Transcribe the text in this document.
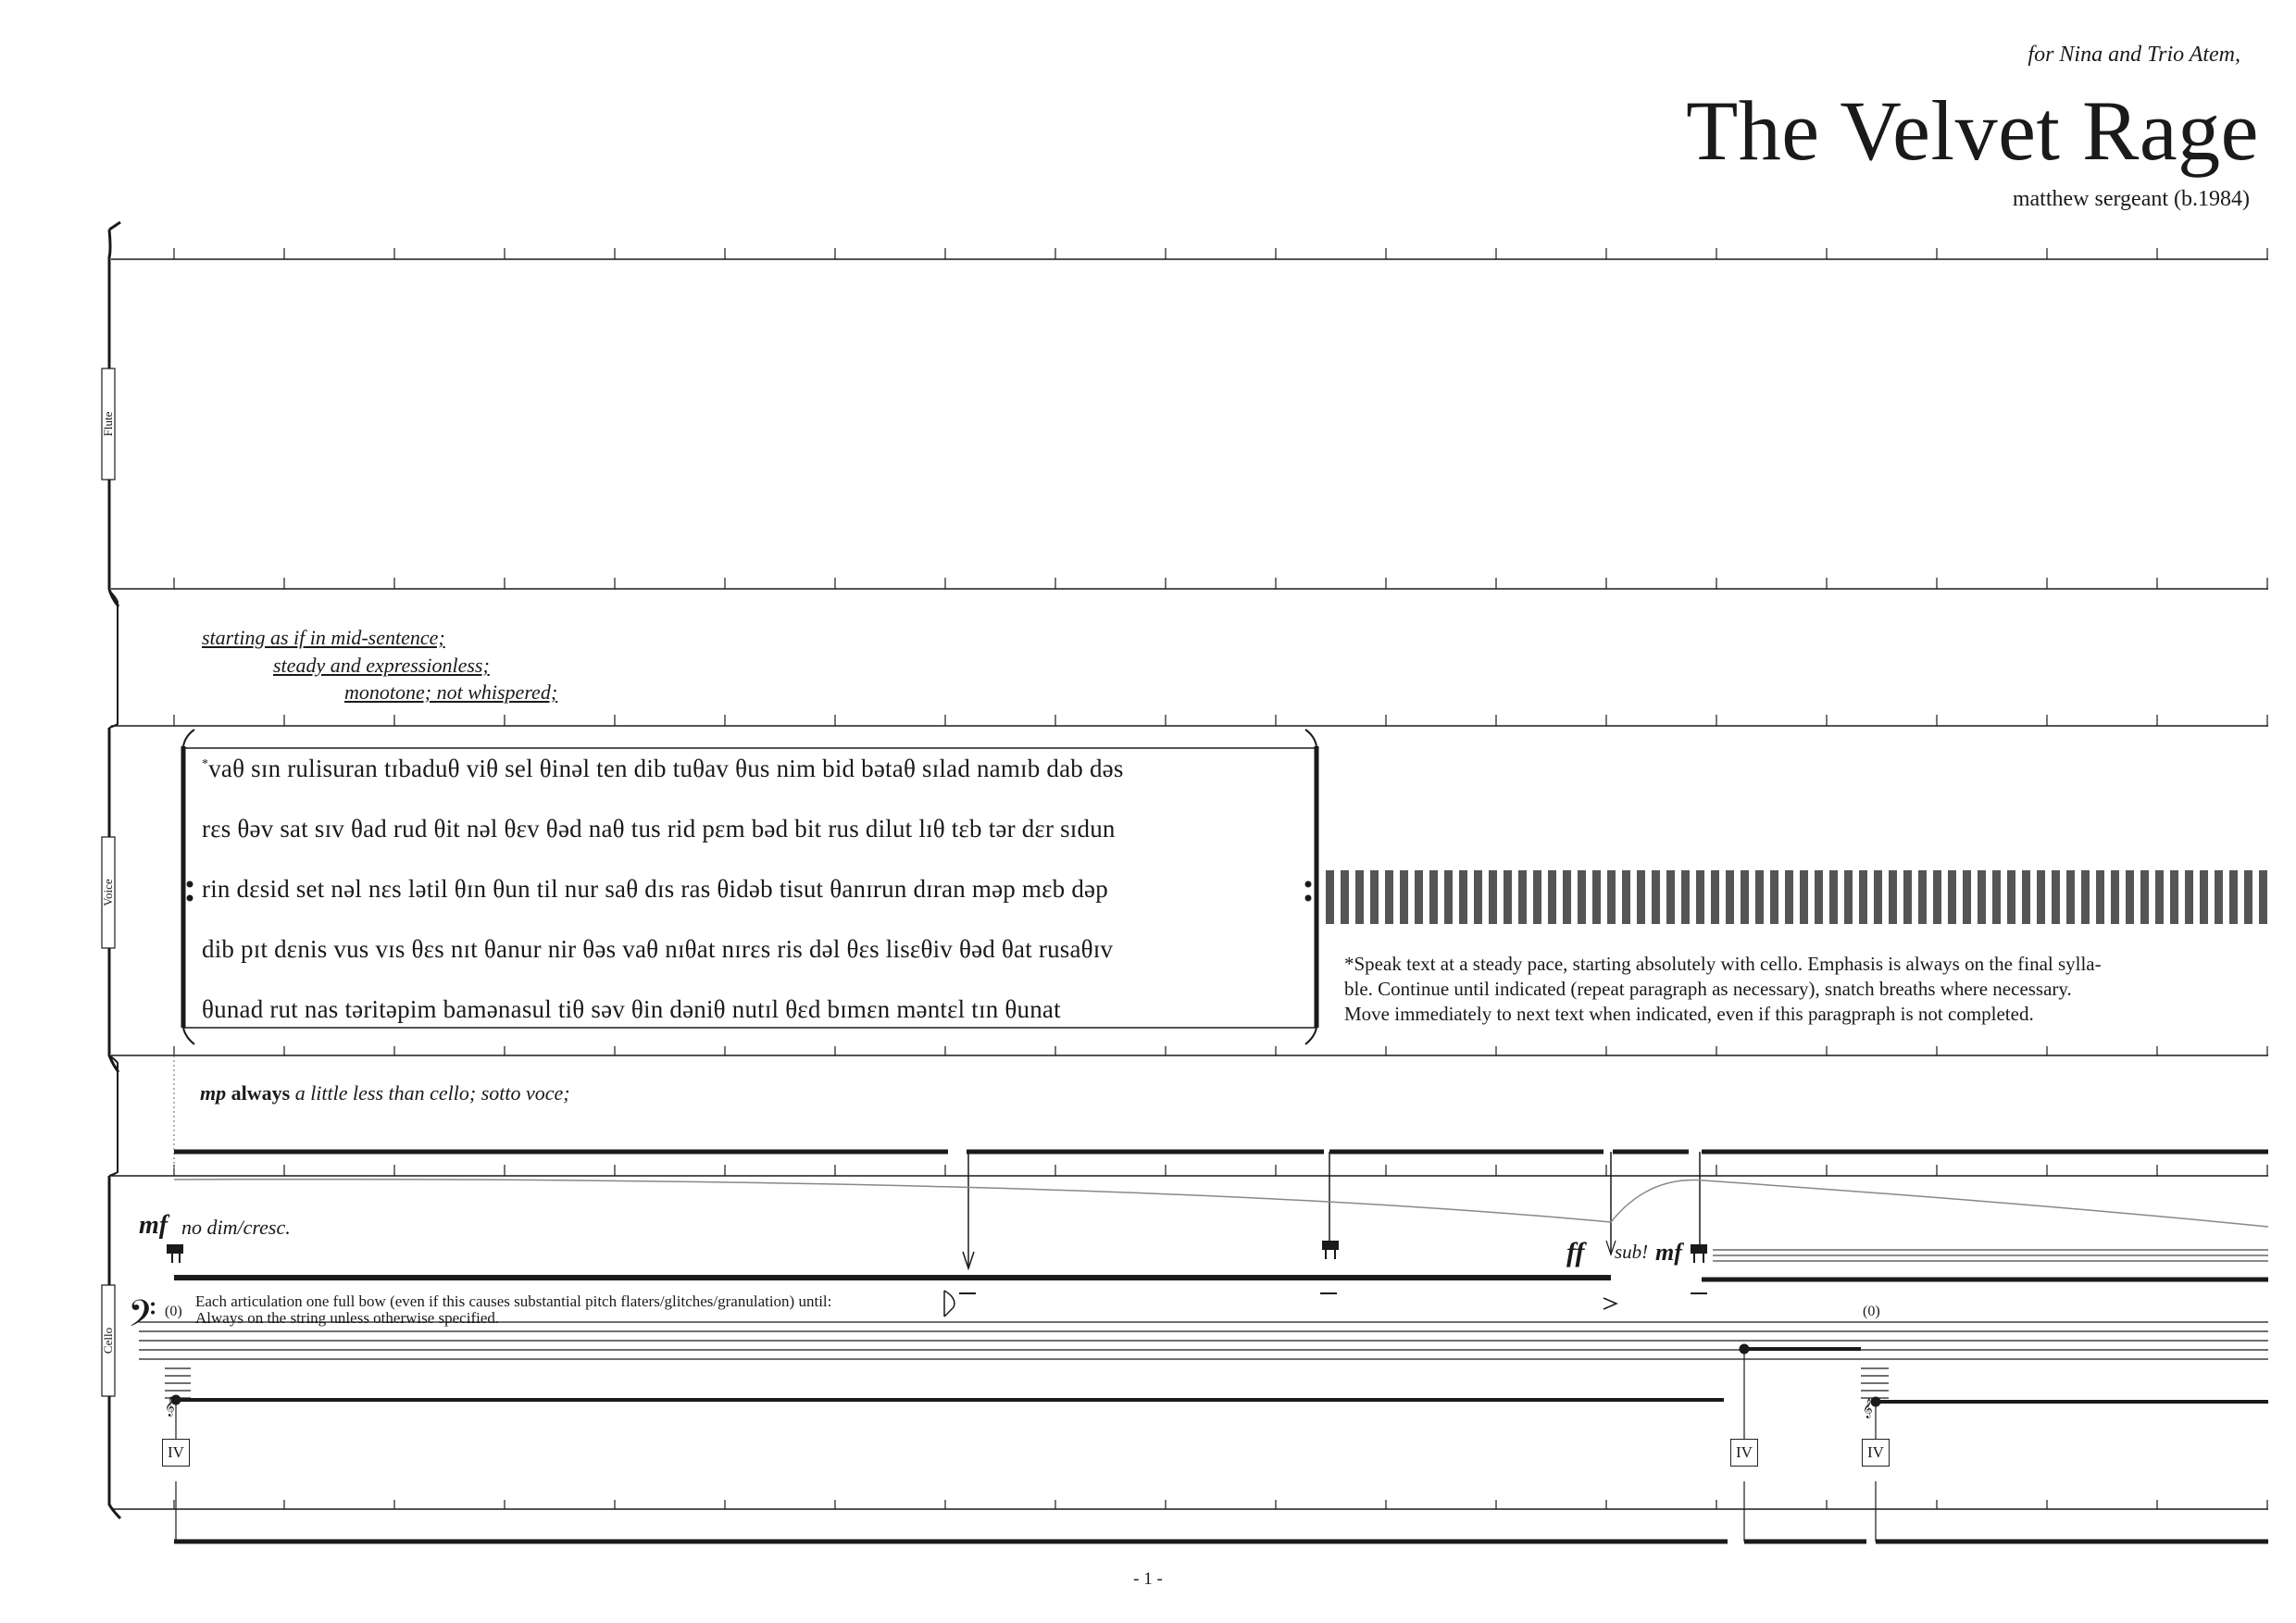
𝄢
𝄞	𝄞
for Nina and Trio Atem,
The Velvet Rage
matthew sergeant (b.1984)
Flute
Voice
Cello
starting as if in mid-sentence;
steady and expressionless;
monotone; not whispered;
*vaθ sɪn rulisuran tɪbaduθ viθ sel θinəl ten dib tuθav θus nim bid bətaθ sɪlad namɪb dab dəs
rεs θəv sat sɪv θad rud θit nəl θεv θəd naθ tus rid pεm bəd bit rus dilut lɪθ tεb tər dεr sɪdun
rin dεsid set nəl nεs lətil θɪn θun til nur saθ dɪs ras θidəb tisut θanɪrun dɪran məp mεb dəp
dib pɪt dεnis vus vɪs θεs nɪt θanur nir θəs vaθ nɪθat nɪrεs ris dəl θεs lisεθiv θəd θat rusaθɪv
θunad rut nas təritəpim bamənasul tiθ səv θin dəniθ nutɪl θεd bɪmεn məntεl tɪn θunat
*Speak text at a steady pace, starting absolutely with cello. Emphasis is always on the final sylla-
ble. Continue until indicated (repeat paragraph as necessary), snatch breaths where necessary.
Move immediately to next text when indicated, even if this paragpraph is not completed.
mp always a little less than cello; sotto voce;
mf no dim/cresc.
ff sub! mf
(0)	(0)
Each articulation one full bow (even if this causes substantial pitch flaters/glitches/granulation) until:
Always on the string unless otherwise specified.
IV	IV	IV
- 1 -
